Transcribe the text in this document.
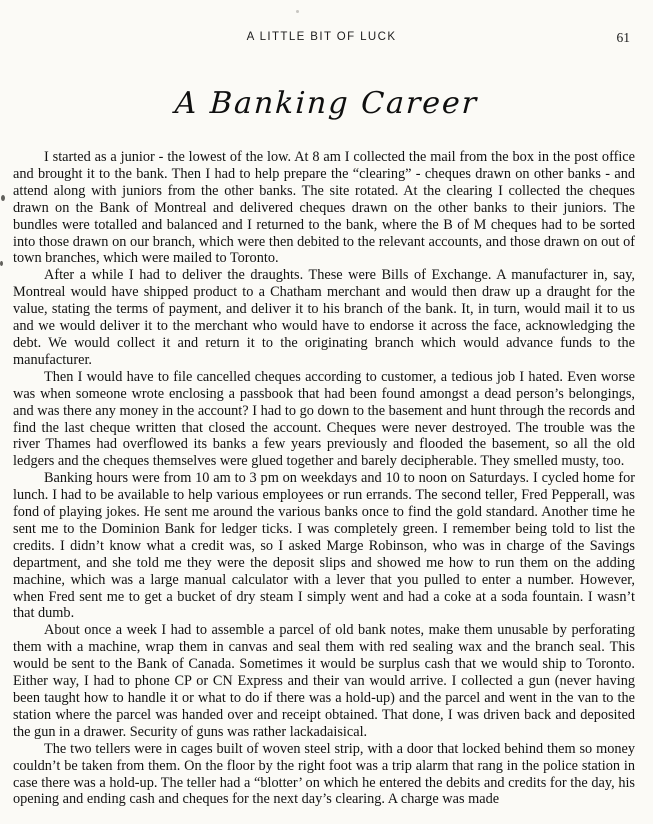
A LITTLE BIT OF LUCK	61
A Banking Career

I started as a junior - the lowest of the low. At 8 am I collected the mail from the box in the post office and brought it to the bank. Then I had to help prepare the “clearing” - cheques drawn on other banks - and attend along with juniors from the other banks. The site rotated. At the clearing I collected the cheques drawn on the Bank of Montreal and delivered cheques drawn on the other banks to their juniors. The bundles were totalled and balanced and I returned to the bank, where the B of M cheques had to be sorted into those drawn on our branch, which were then debited to the relevant accounts, and those drawn on out of town branches, which were mailed to Toronto.

After a while I had to deliver the draughts. These were Bills of Exchange. A manufacturer in, say, Montreal would have shipped product to a Chatham merchant and would then draw up a draught for the value, stating the terms of payment, and deliver it to his branch of the bank. It, in turn, would mail it to us and we would deliver it to the merchant who would have to endorse it across the face, acknowledging the debt. We would collect it and return it to the originating branch which would advance funds to the manufacturer.

Then I would have to file cancelled cheques according to customer, a tedious job I hated. Even worse was when someone wrote enclosing a passbook that had been found amongst a dead person’s belongings, and was there any money in the account? I had to go down to the basement and hunt through the records and find the last cheque written that closed the account. Cheques were never destroyed. The trouble was the river Thames had overflowed its banks a few years previously and flooded the basement, so all the old ledgers and the cheques themselves were glued together and barely decipherable. They smelled musty, too.

Banking hours were from 10 am to 3 pm on weekdays and 10 to noon on Saturdays. I cycled home for lunch. I had to be available to help various employees or run errands. The second teller, Fred Pepperall, was fond of playing jokes. He sent me around the various banks once to find the gold standard. Another time he sent me to the Dominion Bank for ledger ticks. I was completely green. I remember being told to list the credits. I didn’t know what a credit was, so I asked Marge Robinson, who was in charge of the Savings department, and she told me they were the deposit slips and showed me how to run them on the adding machine, which was a large manual calculator with a lever that you pulled to enter a number. However, when Fred sent me to get a bucket of dry steam I simply went and had a coke at a soda fountain. I wasn’t that dumb.

About once a week I had to assemble a parcel of old bank notes, make them unusable by perforating them with a machine, wrap them in canvas and seal them with red sealing wax and the branch seal. This would be sent to the Bank of Canada. Sometimes it would be surplus cash that we would ship to Toronto. Either way, I had to phone CP or CN Express and their van would arrive. I collected a gun (never having been taught how to handle it or what to do if there was a hold-up) and the parcel and went in the van to the station where the parcel was handed over and receipt obtained. That done, I was driven back and deposited the gun in a drawer. Security of guns was rather lackadaisical.

The two tellers were in cages built of woven steel strip, with a door that locked behind them so money couldn’t be taken from them. On the floor by the right foot was a trip alarm that rang in the police station in case there was a hold-up. The teller had a “blotter’ on which he entered the debits and credits for the day, his opening and ending cash and cheques for the next day’s clearing. A charge was made
